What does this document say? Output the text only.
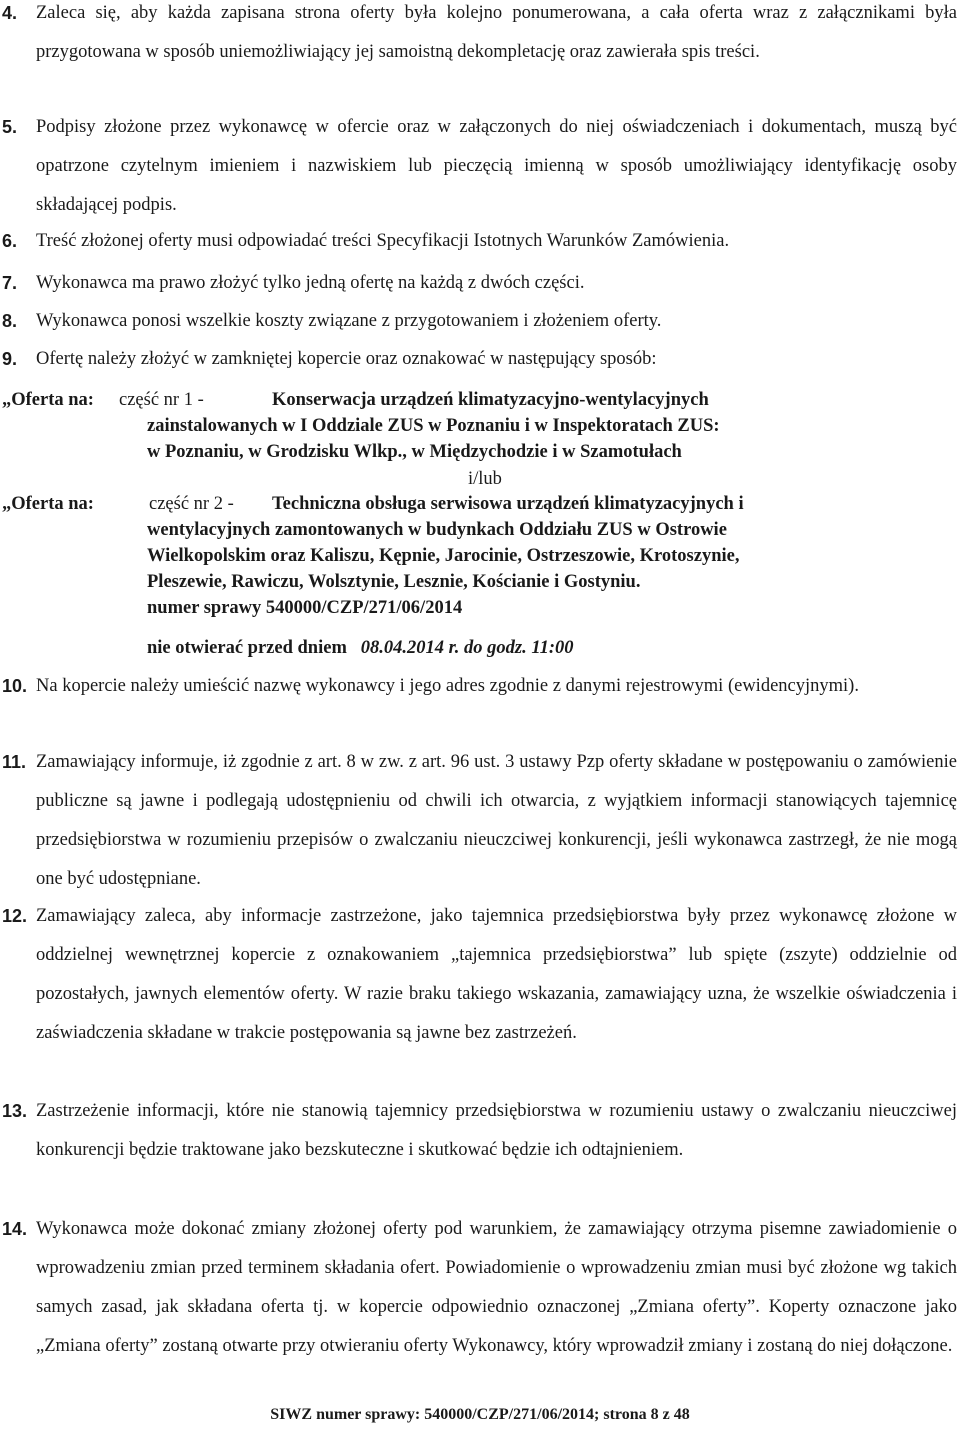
4. Zaleca się, aby każda zapisana strona oferty była kolejno ponumerowana, a cała oferta wraz z załącznikami była przygotowana w sposób uniemożliwiający jej samoistną dekompletację oraz zawierała spis treści.
5. Podpisy złożone przez wykonawcę w ofercie oraz w załączonych do niej oświadczeniach i dokumentach, muszą być opatrzone czytelnym imieniem i nazwiskiem lub pieczęcią imienną w sposób umożliwiający identyfikację osoby składającej podpis.
6. Treść złożonej oferty musi odpowiadać treści Specyfikacji Istotnych Warunków Zamówienia.
7. Wykonawca ma prawo złożyć tylko jedną ofertę na każdą z dwóch części.
8. Wykonawca ponosi wszelkie koszty związane z przygotowaniem i złożeniem oferty.
9. Ofertę należy złożyć w zamkniętej kopercie oraz oznakować w następujący sposób:
„Oferta na: część nr 1 -	Konserwacja urządzeń klimatyzacyjno-wentylacyjnych
zainstalowanych w I Oddziale ZUS w Poznaniu i w Inspektoratach ZUS:
w Poznaniu, w Grodzisku Wlkp., w Międzychodzie i w Szamotułach
i/lub
„Oferta na:	część nr 2 - Techniczna obsługa serwisowa urządzeń klimatyzacyjnych i
wentylacyjnych zamontowanych w budynkach Oddziału ZUS w Ostrowie
Wielkopolskim oraz Kaliszu, Kępnie, Jarocinie, Ostrzeszowie, Krotoszynie,
Pleszewie, Rawiczu, Wolsztynie, Lesznie, Kościanie i Gostyniu.
numer sprawy 540000/CZP/271/06/2014
nie otwierać przed dniem 08.04.2014 r. do godz. 11:00
10. Na kopercie należy umieścić nazwę wykonawcy i jego adres zgodnie z danymi rejestrowymi (ewidencyjnymi).
11. Zamawiający informuje, iż zgodnie z art. 8 w zw. z art. 96 ust. 3 ustawy Pzp oferty składane w postępowaniu o zamówienie publiczne są jawne i podlegają udostępnieniu od chwili ich otwarcia, z wyjątkiem informacji stanowiących tajemnicę przedsiębiorstwa w rozumieniu przepisów o zwalczaniu nieuczciwej konkurencji, jeśli wykonawca zastrzegł, że nie mogą one być udostępniane.
12. Zamawiający zaleca, aby informacje zastrzeżone, jako tajemnica przedsiębiorstwa były przez wykonawcę złożone w oddzielnej wewnętrznej kopercie z oznakowaniem „tajemnica przedsiębiorstwa” lub spięte (zszyte) oddzielnie od pozostałych, jawnych elementów oferty. W razie braku takiego wskazania, zamawiający uzna, że wszelkie oświadczenia i zaświadczenia składane w trakcie postępowania są jawne bez zastrzeżeń.
13. Zastrzeżenie informacji, które nie stanowią tajemnicy przedsiębiorstwa w rozumieniu ustawy o zwalczaniu nieuczciwej konkurencji będzie traktowane jako bezskuteczne i skutkować będzie ich odtajnieniem.
14. Wykonawca może dokonać zmiany złożonej oferty pod warunkiem, że zamawiający otrzyma pisemne zawiadomienie o wprowadzeniu zmian przed terminem składania ofert. Powiadomienie o wprowadzeniu zmian musi być złożone wg takich samych zasad, jak składana oferta tj. w kopercie odpowiednio oznaczonej „Zmiana oferty”. Koperty oznaczone jako „Zmiana oferty” zostaną otwarte przy otwieraniu oferty Wykonawcy, który wprowadził zmiany i zostaną do niej dołączone.
SIWZ numer sprawy: 540000/CZP/271/06/2014; strona 8 z 48
